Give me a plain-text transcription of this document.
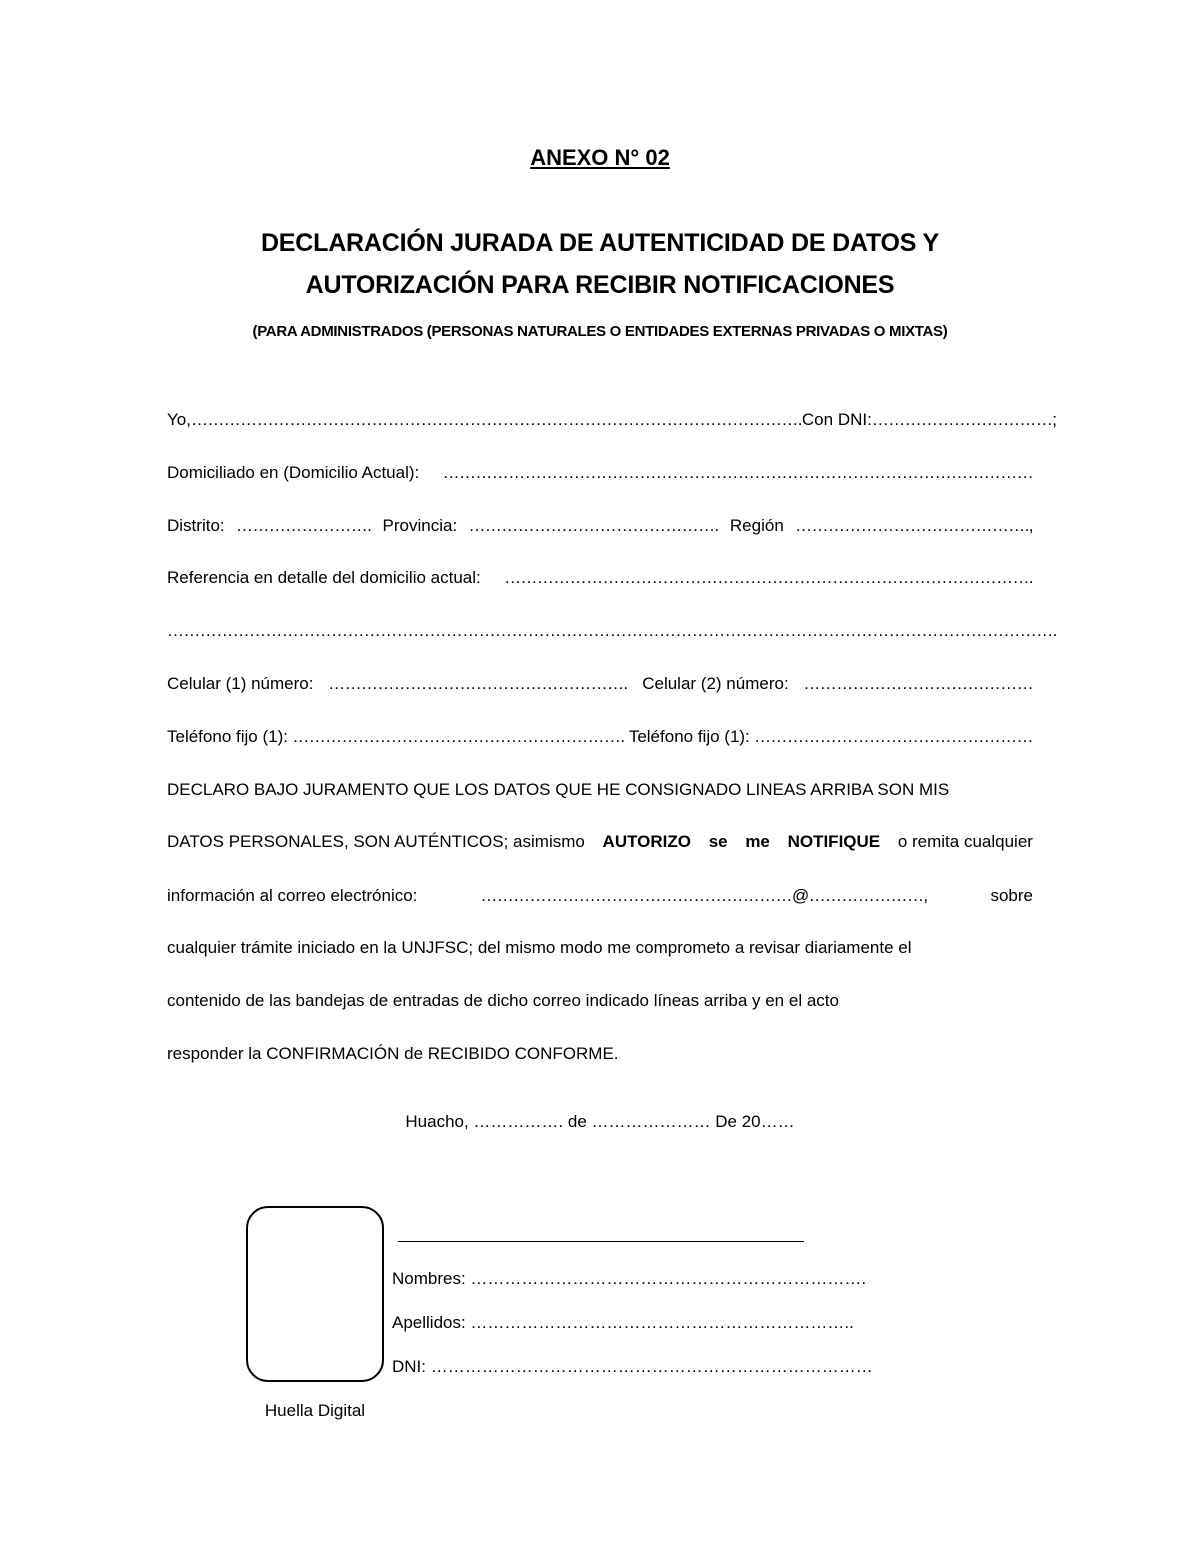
ANEXO N° 02
DECLARACIÓN JURADA DE AUTENTICIDAD DE DATOS Y
AUTORIZACIÓN PARA RECIBIR NOTIFICACIONES
(PARA ADMINISTRADOS (PERSONAS NATURALES O ENTIDADES EXTERNAS PRIVADAS O MIXTAS)
Yo, …………………………………………………………………………………………………. Con DNI: ……………………………;
Domiciliado en (Domicilio Actual): ………………………………………………………………………………………………
Distrito: ……………………. Provincia: ………………………………………. Región …………………………………….,
Referencia en detalle del domicilio actual: …………………………………………………………………………………….
……………………………………………………………………………………………………………………………………………….
Celular (1) número: ………………………………………………. Celular (2) número: ……………………………………
Teléfono fijo (1): ……………………………………………………. Teléfono fijo (1): ……………………………………………
DECLARO BAJO JURAMENTO QUE LOS DATOS QUE HE CONSIGNADO LINEAS ARRIBA SON MIS
DATOS PERSONALES, SON AUTÉNTICOS; asimismo AUTORIZO se me NOTIFIQUE o remita cualquier
información al correo electrónico:	…………………………………………………@…………………,	sobre
cualquier trámite iniciado en la UNJFSC; del mismo modo me comprometo a revisar diariamente el
contenido de las bandejas de entradas de dicho correo indicado líneas arriba y en el acto
responder la CONFIRMACIÓN de RECIBIDO CONFORME.
Huacho, ……………. de ………………… De 20……
Huella Digital
Nombres: …………………………………………………………….
Apellidos: …………………………………………………………..
DNI: ……………………………………………………………………
